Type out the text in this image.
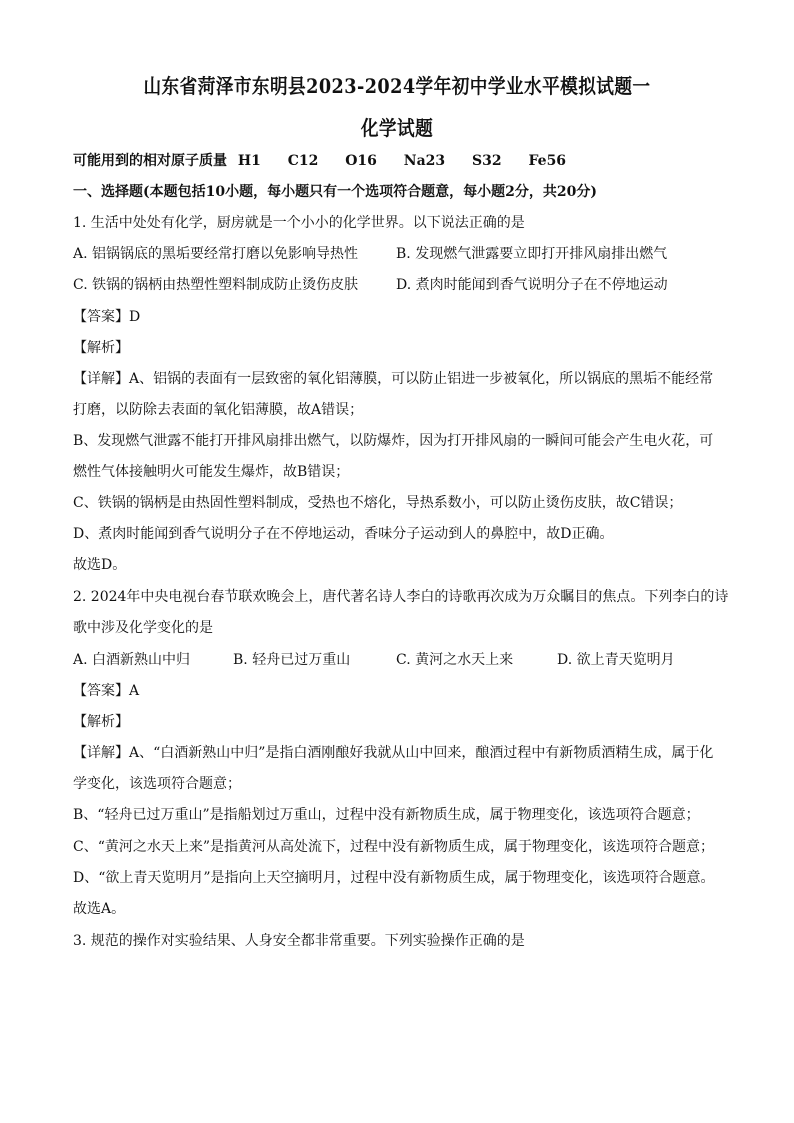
山东省菏泽市东明县2023-2024学年初中学业水平模拟试题一
化学试题
可能用到的相对原子质量 H1 C12 O16 Na23 S32 Fe56
一、选择题(本题包括10小题，每小题只有一个选项符合题意，每小题2分，共20分)
1. 生活中处处有化学，厨房就是一个小小的化学世界。以下说法正确的是
A. 铝锅锅底的黑垢要经常打磨以免影响导热性	B. 发现燃气泄露要立即打开排风扇排出燃气
C. 铁锅的锅柄由热塑性塑料制成防止烫伤皮肤	D. 煮肉时能闻到香气说明分子在不停地运动
【答案】D
【解析】
【详解】A、铝锅的表面有一层致密的氧化铝薄膜，可以防止铝进一步被氧化，所以锅底的黑垢不能经常
打磨，以防除去表面的氧化铝薄膜，故A错误；
B、发现燃气泄露不能打开排风扇排出燃气，以防爆炸，因为打开排风扇的一瞬间可能会产生电火花，可
燃性气体接触明火可能发生爆炸，故B错误；
C、铁锅的锅柄是由热固性塑料制成，受热也不熔化，导热系数小，可以防止烫伤皮肤，故C错误；
D、煮肉时能闻到香气说明分子在不停地运动，香味分子运动到人的鼻腔中，故D正确。
故选D。
2. 2024年中央电视台春节联欢晚会上，唐代著名诗人李白的诗歌再次成为万众瞩目的焦点。下列李白的诗
歌中涉及化学变化的是
A. 白酒新熟山中归	B. 轻舟已过万重山	C. 黄河之水天上来	D. 欲上青天览明月
【答案】A
【解析】
【详解】A、“白酒新熟山中归”是指白酒刚酿好我就从山中回来，酿酒过程中有新物质酒精生成，属于化
学变化，该选项符合题意；
B、“轻舟已过万重山”是指船划过万重山，过程中没有新物质生成，属于物理变化，该选项符合题意；
C、“黄河之水天上来”是指黄河从高处流下，过程中没有新物质生成，属于物理变化，该选项符合题意；
D、“欲上青天览明月”是指向上天空摘明月，过程中没有新物质生成，属于物理变化，该选项符合题意。
故选A。
3. 规范的操作对实验结果、人身安全都非常重要。下列实验操作正确的是
